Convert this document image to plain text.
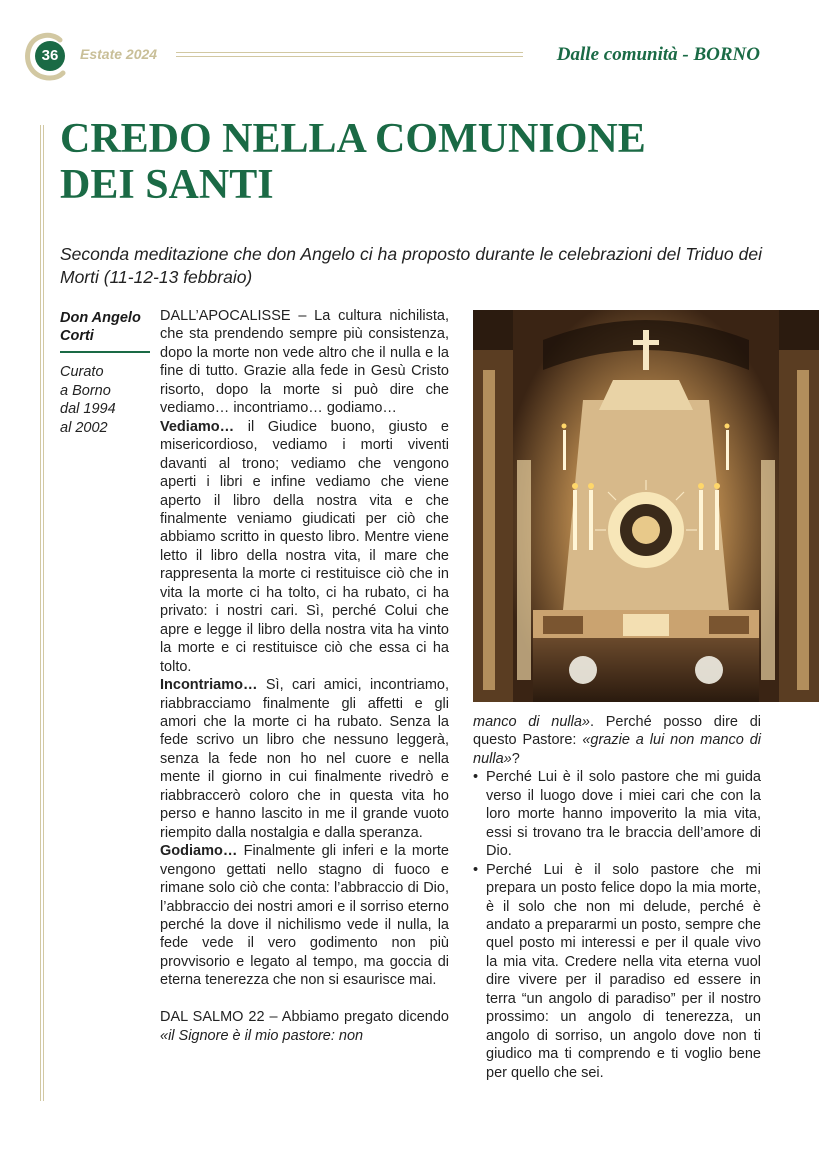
36	Estate 2024	Dalle comunità - BORNO
CREDO NELLA COMUNIONE
DEI SANTI
Seconda meditazione che don Angelo ci ha proposto durante le celebrazioni del Triduo dei Morti (11-12-13 febbraio)
Don Angelo
Corti
Curato
a Borno
dal 1994
al 2002

DALL’APOCALISSE – La cultura nichilista, che sta prendendo sempre più consistenza, dopo la morte non vede altro che il nulla e la fine di tutto. Grazie alla fede in Gesù Cristo risorto, dopo la morte si può dire che vediamo… incontriamo… godiamo…

Vediamo… il Giudice buono, giusto e misericordioso, vediamo i morti viventi davanti al trono; vediamo che vengono aperti i libri e infine vediamo che viene aperto il libro della nostra vita e che finalmente veniamo giudicati per ciò che abbiamo scritto in questo libro. Mentre viene letto il libro della nostra vita, il mare che rappresenta la morte ci restituisce ciò che in vita la morte ci ha tolto, ci ha rubato, ci ha privato: i nostri cari. Sì, perché Colui che apre e legge il libro della nostra vita ha vinto la morte e ci restituisce ciò che essa ci ha tolto.

Incontriamo… Sì, cari amici, incontriamo, riabbracciamo finalmente gli affetti e gli amori che la morte ci ha rubato. Senza la fede scrivo un libro che nessuno leggerà, senza la fede non ho nel cuore e nella mente il giorno in cui finalmente rivedrò e riabbraccerò coloro che in questa vita ho perso e hanno lascito in me il grande vuoto riempito dalla nostalgia e dalla speranza.

Godiamo… Finalmente gli inferi e la morte vengono gettati nello stagno di fuoco e rimane solo ciò che conta: l’abbraccio di Dio, l’abbraccio dei nostri amori e il sorriso eterno perché la dove il nichilismo vede il nulla, la fede vede il vero godimento non più provvisorio e legato al tempo, ma goccia di eterna tenerezza che non si esaurisce mai.

DAL SALMO 22 – Abbiamo pregato dicendo «il Signore è il mio pastore: non

manco di nulla». Perché posso dire di questo Pastore: «grazie a lui non manco di nulla»?

• Perché Lui è il solo pastore che mi guida verso il luogo dove i miei cari che con la loro morte hanno impoverito la mia vita, essi si trovano tra le braccia dell’amore di Dio.
• Perché Lui è il solo pastore che mi prepara un posto felice dopo la mia morte, è il solo che non mi delude, perché è andato a prepararmi un posto, sempre che quel posto mi interessi e per il quale vivo la mia vita. Credere nella vita eterna vuol dire vivere per il paradiso ed essere in terra “un angolo di paradiso” per il nostro prossimo: un angolo di tenerezza, un angolo di sorriso, un angolo dove non ti giudico ma ti comprendo e ti voglio bene per quello che sei.
